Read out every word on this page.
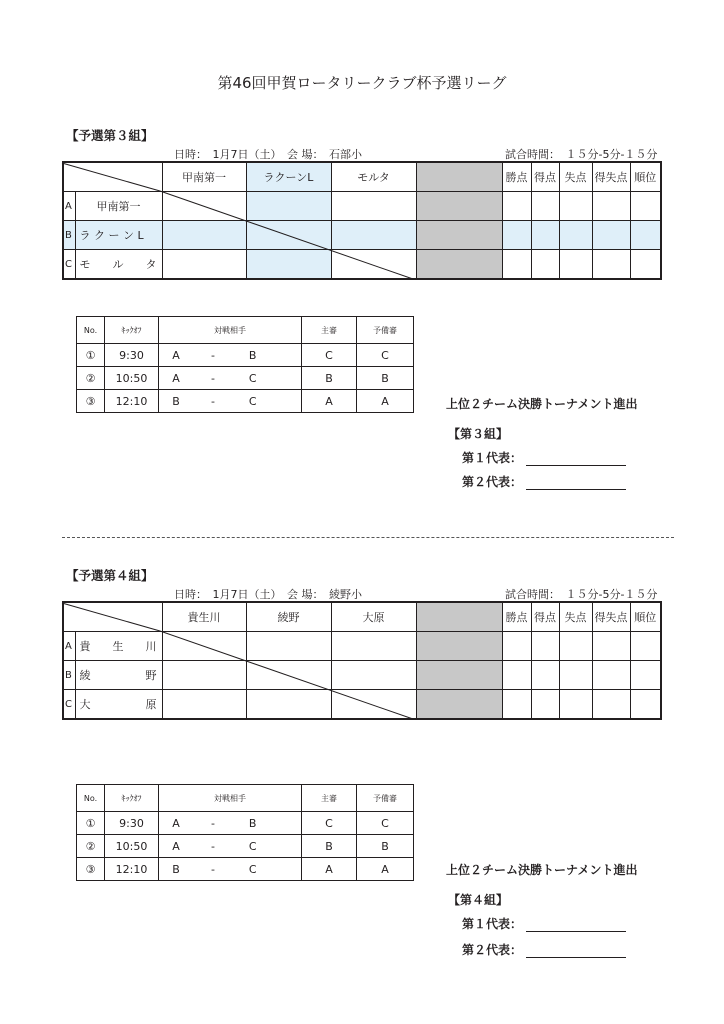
第46回甲賀ロータリークラブ杯予選リーグ
【予選第３組】
日時：　1月7日（土）　会 場：　石部小	試合時間：　１５分-5分-１５分
		甲南第一	ラクーンL	モルタ		勝点	得点	失点	得失点	順位
A	甲南第一									
B	ラ ク ー ン L									
C	モ　　ル　　タ									
No.	ｷｯｸｵﾌ	対戦相手	主審	予備審
①	9:30	A - B	C	C
②	10:50	A - C	B	B
③	12:10	B - C	A	A	上位２チーム決勝トーナメント進出
【第３組】
第１代表：
第２代表：
【予選第４組】
日時：　1月7日（土）　会 場：　綾野小	試合時間：　１５分-5分-１５分
		貴生川	綾野	大原		勝点	得点	失点	得失点	順位
A	貴　　生　　川									
B	綾　　　　　野									
C	大　　　　　原									
No.	ｷｯｸｵﾌ	対戦相手	主審	予備審
①	9:30	A - B	C	C
②	10:50	A - C	B	B
③	12:10	B - C	A	A	上位２チーム決勝トーナメント進出
【第４組】
第１代表：
第２代表：
